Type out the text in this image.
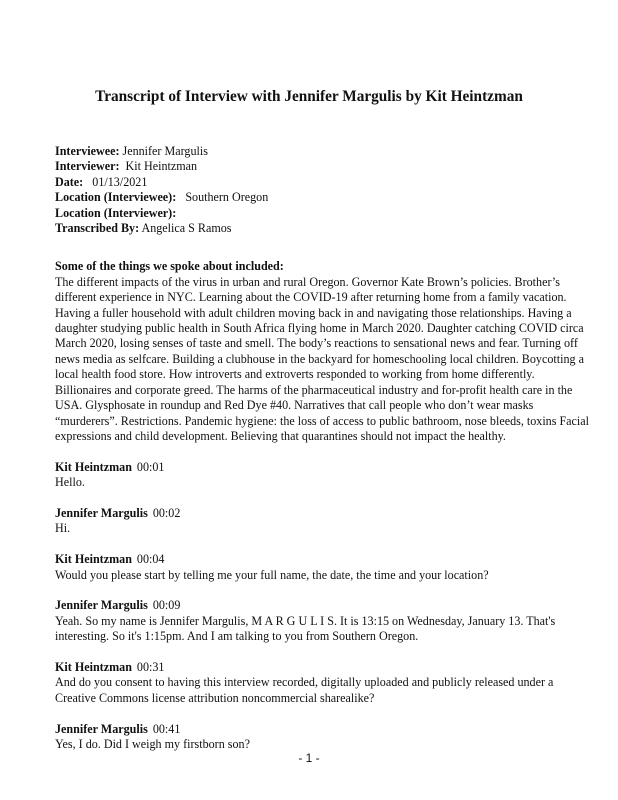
Transcript of Interview with Jennifer Margulis by Kit Heintzman
Interviewee: Jennifer Margulis
Interviewer:  Kit Heintzman
Date:   01/13/2021
Location (Interviewee):   Southern Oregon
Location (Interviewer):
Transcribed By: Angelica S Ramos
Some of the things we spoke about included:
The different impacts of the virus in urban and rural Oregon. Governor Kate Brown’s policies. Brother’s different experience in NYC. Learning about the COVID-19 after returning home from a family vacation. Having a fuller household with adult children moving back in and navigating those relationships. Having a daughter studying public health in South Africa flying home in March 2020. Daughter catching COVID circa March 2020, losing senses of taste and smell. The body’s reactions to sensational news and fear. Turning off news media as selfcare. Building a clubhouse in the backyard for homeschooling local children. Boycotting a local health food store. How introverts and extroverts responded to working from home differently. Billionaires and corporate greed. The harms of the pharmaceutical industry and for-profit health care in the USA. Glysphosate in roundup and Red Dye #40. Narratives that call people who don’t wear masks “murderers”. Restrictions. Pandemic hygiene: the loss of access to public bathroom, nose bleeds, toxins Facial expressions and child development. Believing that quarantines should not impact the healthy.
Kit Heintzman 00:01
Hello.
Jennifer Margulis 00:02
Hi.
Kit Heintzman 00:04
Would you please start by telling me your full name, the date, the time and your location?
Jennifer Margulis 00:09
Yeah. So my name is Jennifer Margulis, M A R G U L I S. It is 13:15 on Wednesday, January 13. That's interesting. So it's 1:15pm. And I am talking to you from Southern Oregon.
Kit Heintzman 00:31
And do you consent to having this interview recorded, digitally uploaded and publicly released under a Creative Commons license attribution noncommercial sharealike?
Jennifer Margulis 00:41
Yes, I do. Did I weigh my firstborn son?
- 1 -
